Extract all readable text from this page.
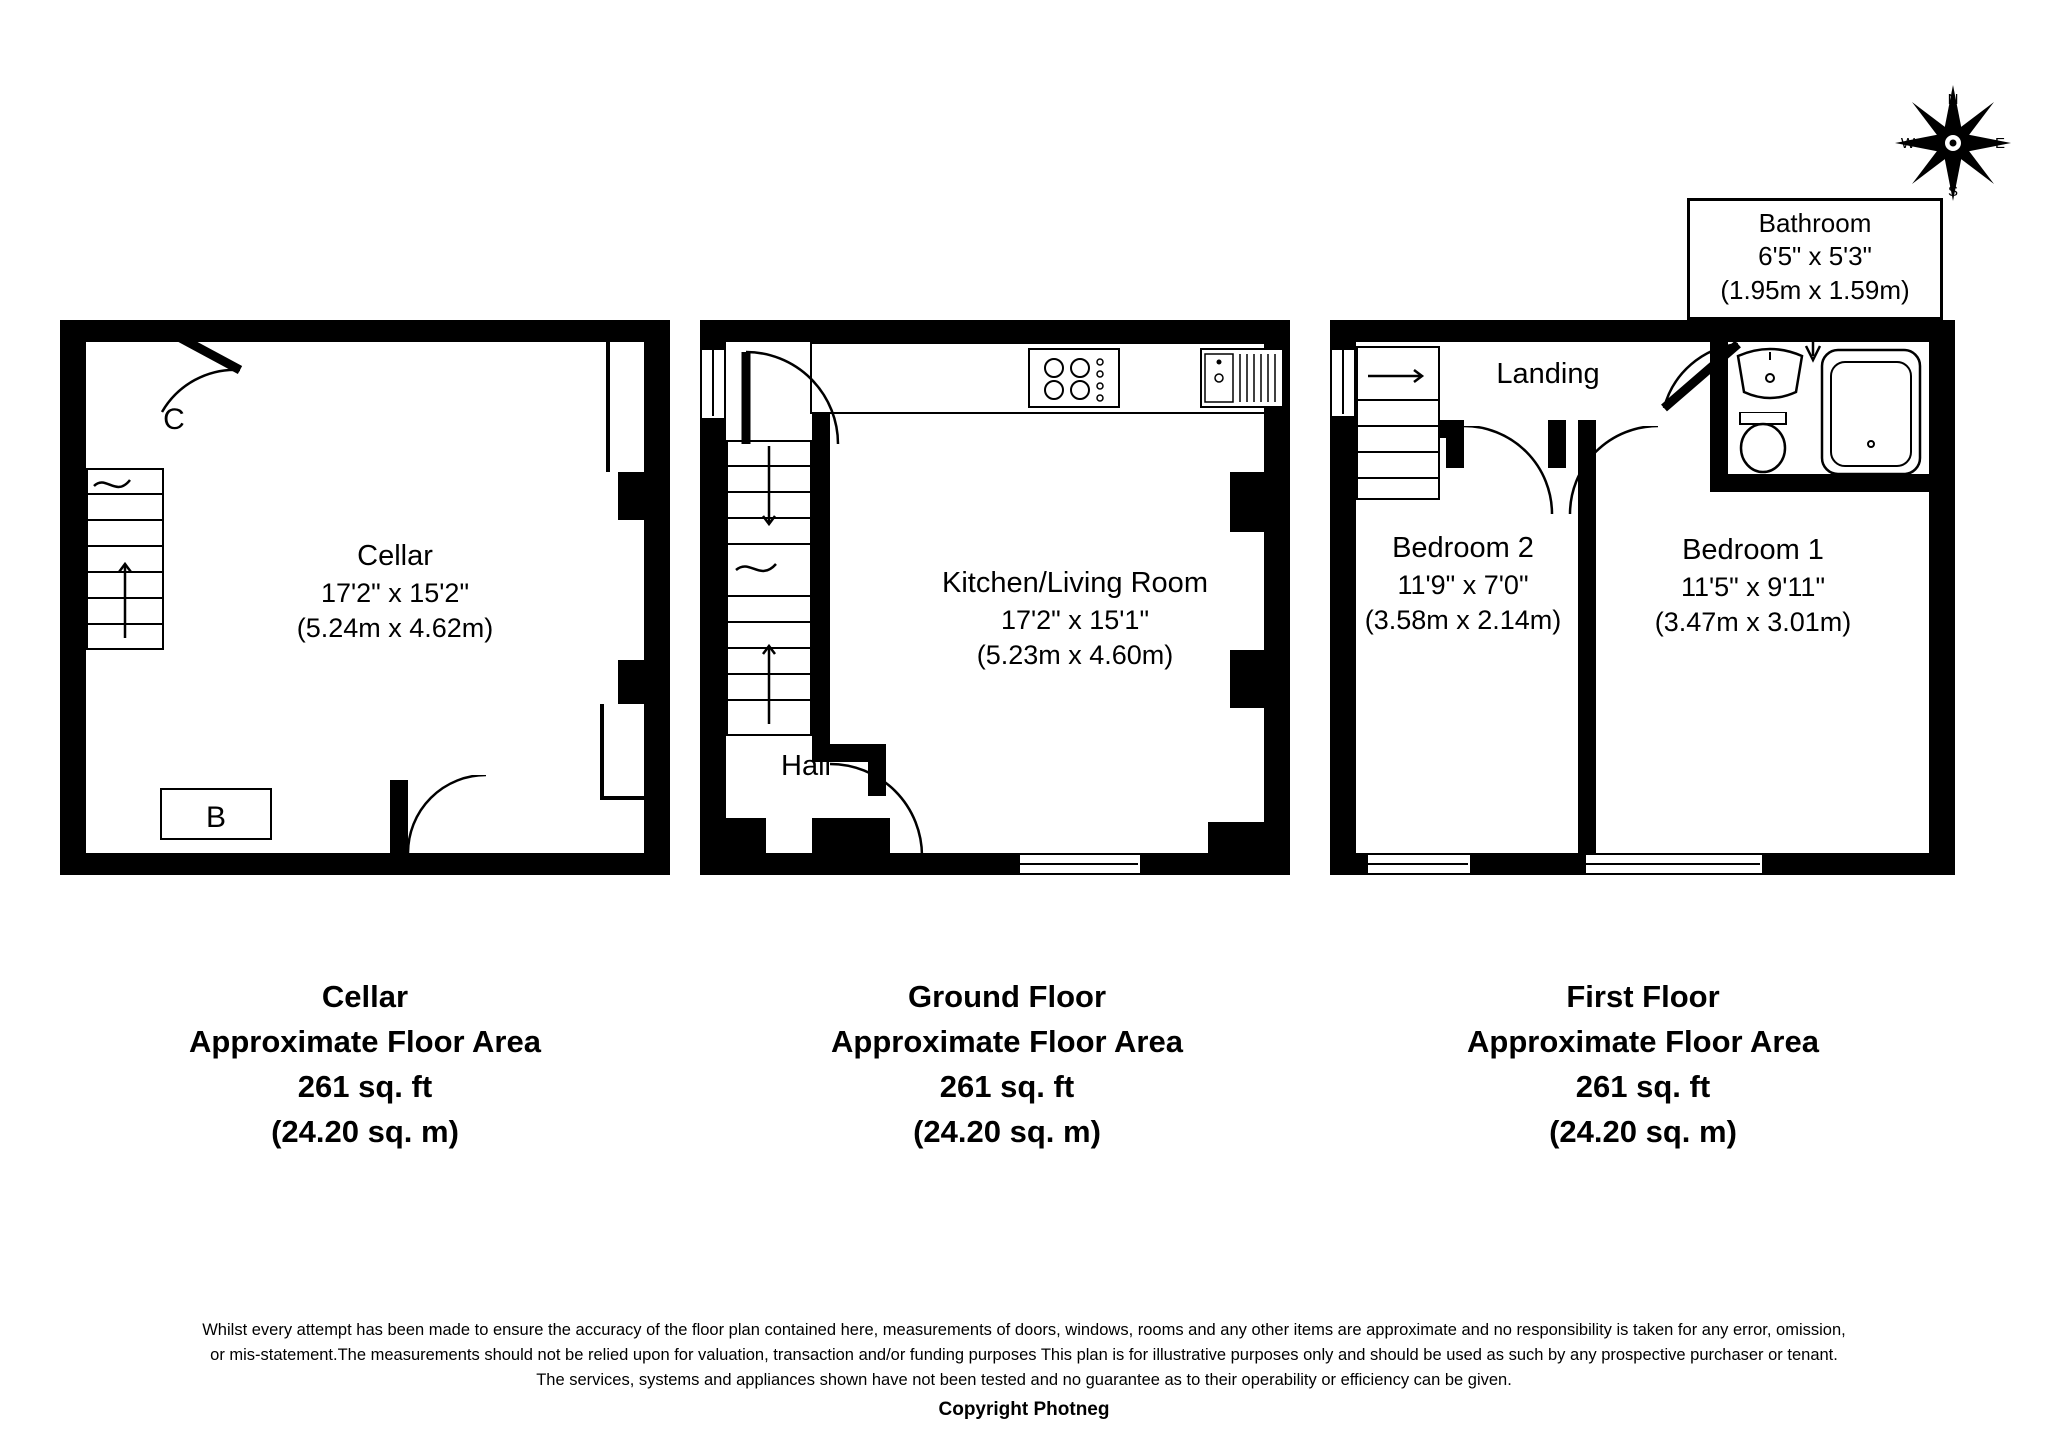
N
E
S
W
Bathroom
6'5" x 5'3"
(1.95m x 1.59m)
B
C
Cellar
17'2" x 15'2"
(5.24m x 4.62m)
Kitchen/Living Room
17'2" x 15'1"
(5.23m x 4.60m)
Hall
Landing
Bedroom 2
11'9" x 7'0"
(3.58m x 2.14m)
Bedroom 1
11'5" x 9'11"
(3.47m x 3.01m)
Cellar
Approximate Floor Area
261 sq. ft
(24.20 sq. m)
Ground Floor
Approximate Floor Area
261 sq. ft
(24.20 sq. m)
First Floor
Approximate Floor Area
261 sq. ft
(24.20 sq. m)
Whilst every attempt has been made to ensure the accuracy of the floor plan contained here, measurements of doors, windows, rooms and any other items are approximate and no responsibility is taken for any error, omission,
or mis-statement.The measurements should not be relied upon for valuation, transaction and/or funding purposes This plan is for illustrative purposes only and should be used as such by any prospective purchaser or tenant.
The services, systems and appliances shown have not been tested and no guarantee as to their operability or efficiency can be given.
Copyright Photneg
